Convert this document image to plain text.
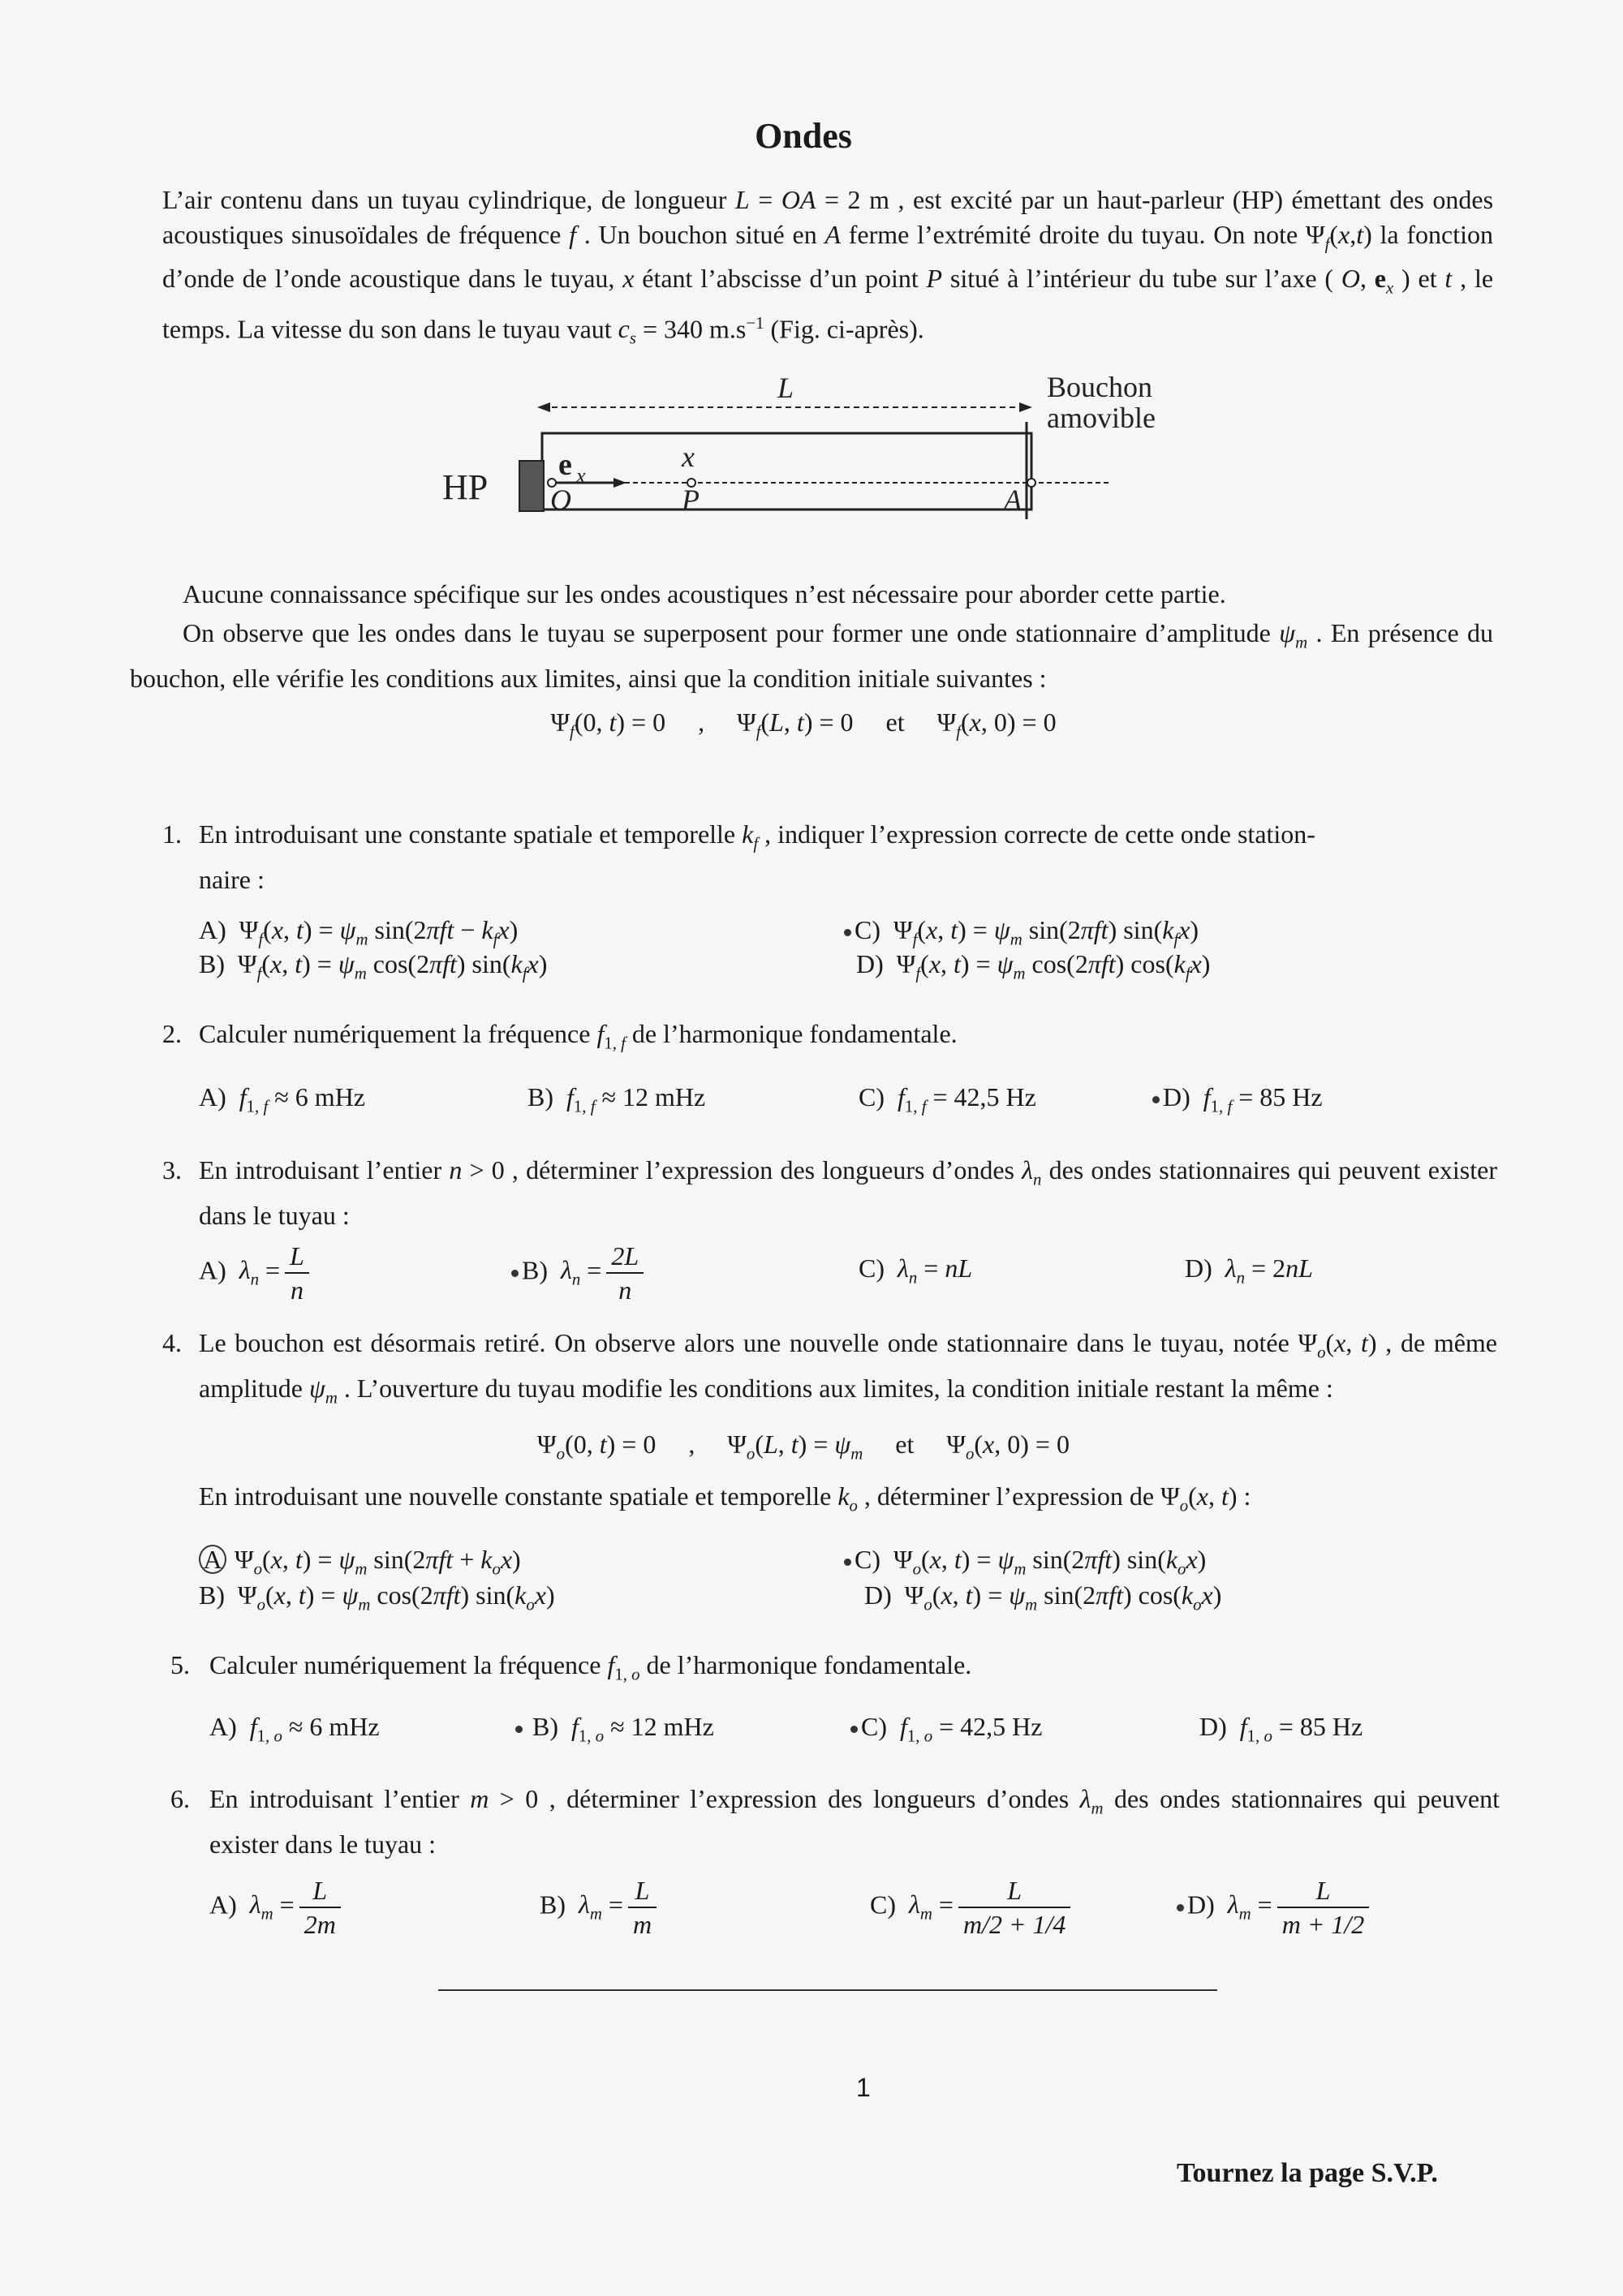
Ondes
L’air contenu dans un tuyau cylindrique, de longueur L = OA = 2 m , est excité par un haut-parleur (HP) émettant des ondes acoustiques sinusoïdales de fréquence f . Un bouchon situé en A ferme l’extrémité droite du tuyau. On note $\Psi_f(x,t)$ la fonction d’onde de l’onde acoustique dans le tuyau, x étant l’abscisse d’un point P situé à l’intérieur du tube sur l’axe ( O, $e_x$ ) et t , le temps. La vitesse du son dans le tuyau vaut $c_s = 340$ $m.s^{-1}$ (Fig. ci-après).
L	Bouchon
amovible
HP
e x
x
O	P	A
Aucune connaissance spécifique sur les ondes acoustiques n’est nécessaire pour aborder cette partie.
On observe que les ondes dans le tuyau se superposent pour former une onde stationnaire d’amplitude $\psi_m$ . En présence du bouchon, elle vérifie les conditions aux limites, ainsi que la condition initiale suivantes :
$\Psi_f(0$, t) = 0     ,     $\Psi_f(L$, t) = 0     et     $\Psi_f(x$, 0) = 0
1. En introduisant une constante spatiale et temporelle $k_f$ , indiquer l’expression correcte de cette onde station-
naire :
A)  $\Psi_f(x$, $t) = \psi_m$ $\sin(2\pi ft - k_fx)$
B)  $\Psi_f(x$, $t) = \psi_m$ cos(2πft) $\sin(k_fx)$
C)  $\Psi_f(x$, $t) = \psi_m$ sin(2πft) $\sin(k_fx)$
D)  $\Psi_f(x$, $t) = \psi_m$ cos(2πft) $\cos(k_fx)$
2. Calculer numériquement la fréquence $f_{1, f}$ de l’harmonique fondamentale.
A)  $f_{1, f} \approx 6$ mHz	B)  $f_{1, f} \approx 12$ mHz	C)  $f_{1, f} = 42,5$ Hz	D)  $f_{1, f} = 85$ Hz
3. En introduisant l’entier n > 0 , déterminer l’expression des longueurs d’ondes $\lambda_n$ des ondes stationnaires qui peuvent exister dans le tuyau :
A)  $\lambda_n = \frac{L}{n}$	B)  $\lambda_n = \frac{2L}{n}$	C)  $\lambda_n$ = nL	D)  $\lambda_n = 2nL$
4. Le bouchon est désormais retiré. On observe alors une nouvelle onde stationnaire dans le tuyau, notée $\Psi_o(x$, t) , de même amplitude $\psi_m$ . L’ouverture du tuyau modifie les conditions aux limites, la condition initiale restant la même :
$\Psi_o(0$, t) = 0     ,     $\Psi_o(L$, $t) = \psi_m$     et     $\Psi_o(x$, 0) = 0
En introduisant une nouvelle constante spatiale et temporelle $k_o$ , déterminer l’expression de $\Psi_o(x$, t) :
A $\Psi_o(x$, $t) = \psi_m$ $\sin(2\pi ft + k_ox)$
B)  $\Psi_o(x$, $t) = \psi_m$ cos(2πft) $\sin(k_ox)$
C)  $\Psi_o(x$, $t) = \psi_m$ sin(2πft) $\sin(k_ox)$
D)  $\Psi_o(x$, $t) = \psi_m$ sin(2πft) $\cos(k_ox)$
5. Calculer numériquement la fréquence $f_{1, o}$ de l’harmonique fondamentale.
A)  $f_{1, o} \approx 6$ mHz	B)  $f_{1, o} \approx 12$ mHz	C)  $f_{1, o} = 42,5$ Hz	D)  $f_{1, o} = 85$ Hz
6. En introduisant l’entier m > 0 , déterminer l’expression des longueurs d’ondes $\lambda_m$ des ondes stationnaires qui peuvent exister dans le tuyau :
A)  $\lambda_m = \frac{L}{2m}$	B)  $\lambda_m = \frac{L}{m}$	C)  $\lambda_m = \frac{L}{m/2 + 1/4}$	D)  $\lambda_m = \frac{L}{m + 1/2}$
1
Tournez la page S.V.P.
